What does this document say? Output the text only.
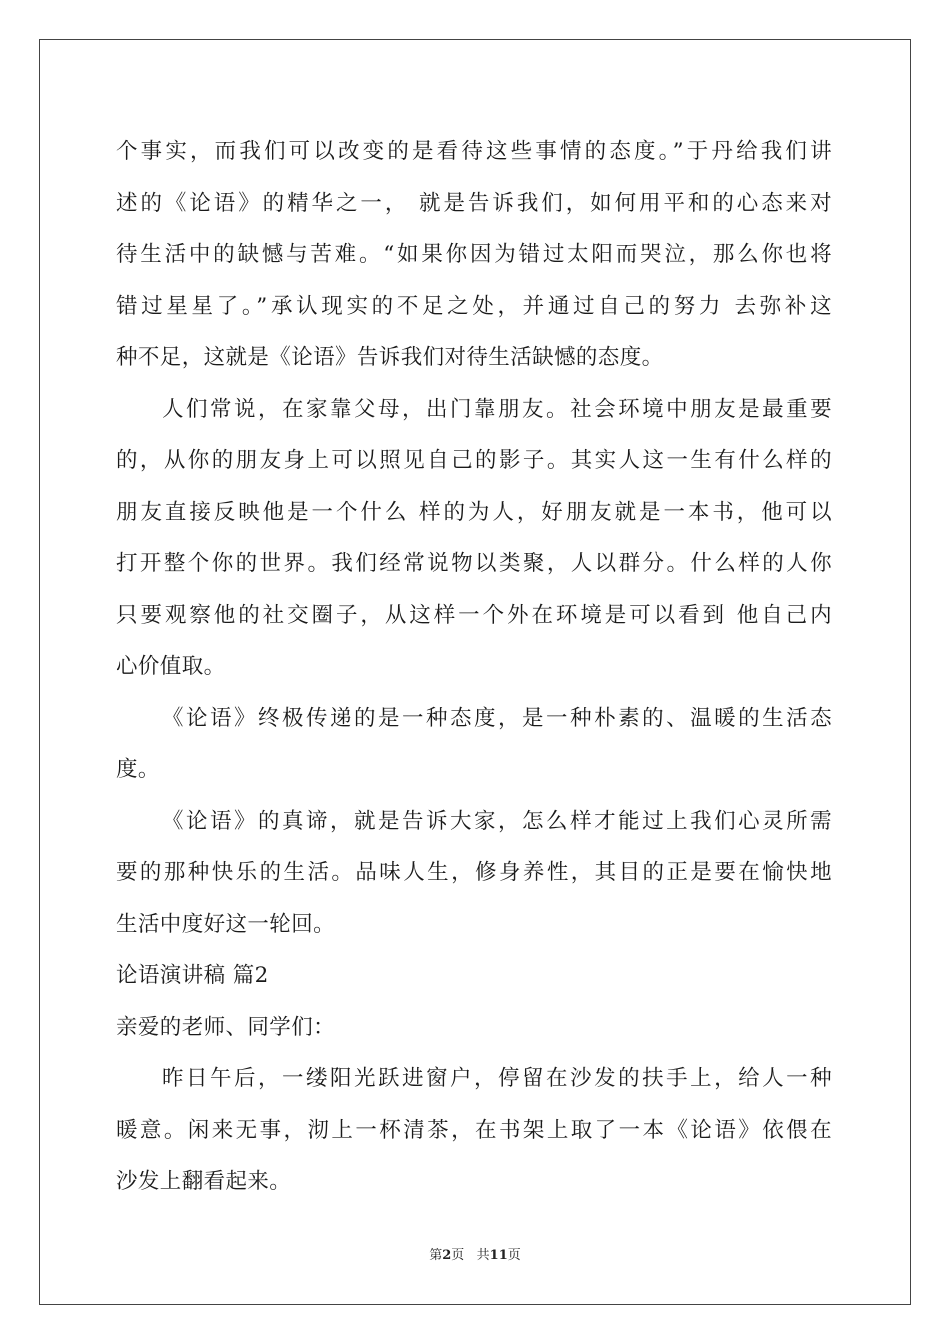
个事实，而我们可以改变的是看待这些事情的态度。”于丹给我们讲
述的《论语》的精华之一， 就是告诉我们，如何用平和的心态来对
待生活中的缺憾与苦难。“如果你因为错过太阳而哭泣，那么你也将
错过星星了。”承认现实的不足之处，并通过自己的努力 去弥补这
种不足，这就是《论语》告诉我们对待生活缺憾的态度。
人们常说，在家靠父母，出门靠朋友。社会环境中朋友是最重要
的，从你的朋友身上可以照见自己的影子。其实人这一生有什么样的
朋友直接反映他是一个什么 样的为人，好朋友就是一本书，他可以
打开整个你的世界。我们经常说物以类聚，人以群分。什么样的人你
只要观察他的社交圈子，从这样一个外在环境是可以看到 他自己内
心价值取。
《论语》终极传递的是一种态度，是一种朴素的、温暖的生活态
度。
《论语》的真谛，就是告诉大家，怎么样才能过上我们心灵所需
要的那种快乐的生活。品味人生，修身养性，其目的正是要在愉快地
生活中度好这一轮回。
论语演讲稿 篇2
亲爱的老师、同学们：
昨日午后，一缕阳光跃进窗户，停留在沙发的扶手上，给人一种
暖意。闲来无事，沏上一杯清茶，在书架上取了一本《论语》依偎在
沙发上翻看起来。
第2页   共11页
